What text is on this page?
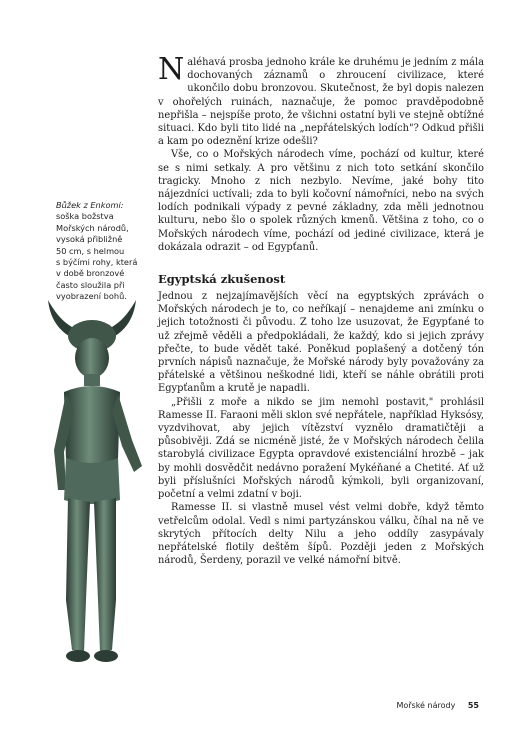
Bůžek z Enkomi:
soška božstva
Mořských národů,
vysoká přibližně
50 cm, s helmou
s býčími rohy, která
v době bronzové
často sloužila při
vyobrazení bohů.

Naléhavá prosba jednoho krále ke druhému je jedním z mála dochovaných záznamů o zhroucení civilizace, které ukončilo dobu bronzovou. Skutečnost, že byl dopis nalezen v ohořelých ruinách, naznačuje, že pomoc pravděpodobně nepřišla – nejspíše proto, že všichni ostatní byli ve stejně obtížné situaci. Kdo byli tito lidé na „nepřátelských lodích"? Odkud přišli a kam po odeznění krize odešli?

Vše, co o Mořských národech víme, pochází od kultur, které se s nimi setkaly. A pro většinu z nich toto setkání skončilo tragicky. Mnoho z nich nezbylo. Nevíme, jaké bohy tito nájezdníci uctívali; zda to byli kočovní námořníci, nebo na svých lodích podnikali výpady z pevné základny, zda měli jednotnou kulturu, nebo šlo o spolek různých kmenů. Většina z toho, co o Mořských národech víme, pochází od jediné civilizace, která je dokázala odrazit – od Egypťanů.

Egyptská zkušenost

Jednou z nejzajímavějších věcí na egyptských zprávách o Mořských národech je to, co neříkají – nenajdeme ani zmínku o jejich totožnosti či původu. Z toho lze usuzovat, že Egypťané to už zřejmě věděli a předpokládali, že každý, kdo si jejich zprávy přečte, to bude vědět také. Poněkud poplašený a dotčený tón prvních nápisů naznačuje, že Mořské národy byly považovány za přátelské a většinou neškodné lidi, kteří se náhle obrátili proti Egypťanům a krutě je napadli.

„Přišli z moře a nikdo se jim nemohl postavit," prohlásil Ramesse II. Faraoni měli sklon své nepřátele, například Hyksósy, vyzdvihovat, aby jejich vítězství vyznělo dramatičtěji a působivěji. Zdá se nicméně jisté, že v Mořských národech čelila starobylá civilizace Egypta opravdové existenciální hrozbě – jak by mohli dosvědčit nedávno poražení Mykéňané a Chetité. Ať už byli příslušníci Mořských národů kýmkoli, byli organizovaní, početní a velmi zdatní v boji.

Ramesse II. si vlastně musel vést velmi dobře, když těmto vetřelcům odolal. Vedl s nimi partyzánskou válku, číhal na ně ve skrytých přítocích delty Nilu a jeho oddíly zasypávaly nepřátelské flotily deštěm šípů. Později jeden z Mořských národů, Šerdeny, porazil ve velké námořní bitvě.

Mořské národy 55
